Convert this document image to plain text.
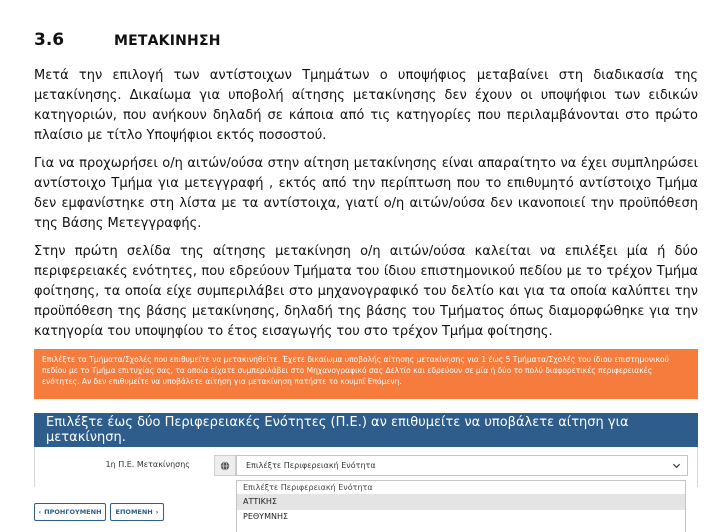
3.6	ΜΕΤΑΚΙΝΗΣΗ

Μετά την επιλογή των αντίστοιχων Τμημάτων ο υποψήφιος μεταβαίνει στη διαδικασία της μετακίνησης. Δικαίωμα για υποβολή αίτησης μετακίνησης δεν έχουν οι υποψήφιοι των ειδικών κατηγοριών, που ανήκουν δηλαδή σε κάποια από τις κατηγορίες που περιλαμβάνονται στο πρώτο πλαίσιο με τίτλο Υποψήφιοι εκτός ποσοστού.

Για να προχωρήσει ο/η αιτών/ούσα στην αίτηση μετακίνησης είναι απαραίτητο να έχει συμπληρώσει αντίστοιχο Τμήμα για μετεγγραφή , εκτός από την περίπτωση που το επιθυμητό αντίστοιχο Τμήμα δεν εμφανίστηκε στη λίστα με τα αντίστοιχα, γιατί ο/η αιτών/ούσα δεν ικανοποιεί την προϋπόθεση της Βάσης Μετεγγραφής.

Στην πρώτη σελίδα της αίτησης μετακίνηση ο/η αιτών/ούσα καλείται να επιλέξει μία ή δύο περιφερειακές ενότητες, που εδρεύουν Τμήματα του ίδιου επιστημονικού πεδίου με το τρέχον Τμήμα φοίτησης, τα οποία είχε συμπεριλάβει στο μηχανογραφικό του δελτίο και για τα οποία καλύπτει την προϋπόθεση της βάσης μετακίνησης, δηλαδή της βάσης του Τμήματος όπως διαμορφώθηκε για την κατηγορία του υποψηφίου το έτος εισαγωγής του στο τρέχον Τμήμα φοίτησης.

Επιλέξτε τα Τμήματα/Σχολές που επιθυμείτε να μετακινηθείτε. Έχετε δικαίωμα υποβολής αίτησης μετακίνησης για 1 έως 5 Τμήματα/Σχολές του ίδιου επιστημονικού πεδίου με το Τμήμα επιτυχίας σας, τα οποία είχατε συμπεριλάβει στο Μηχανογραφικό σας Δελτίο και εδρεύουν σε μία ή δύο το πολύ διαφορετικές περιφερειακές ενότητες. Αν δεν επιθυμείτε να υποβάλετε αίτηση για μετακίνηση πατήστε το κουμπί Επόμενη.
Επιλέξτε έως δύο Περιφερειακές Ενότητες (Π.Ε.) αν επιθυμείτε να υποβάλετε αίτηση για μετακίνηση.
1η Π.Ε. Μετακίνησης	Επιλέξτε Περιφερειακή Ενότητα
Επιλέξτε Περιφερειακή Ενότητα
ΑΤΤΙΚΗΣ
ΡΕΘΥΜΝΗΣ
‹ ΠΡΟΗΓΟΥΜΕΝΗ ΕΠΟΜΕΝΗ ›
